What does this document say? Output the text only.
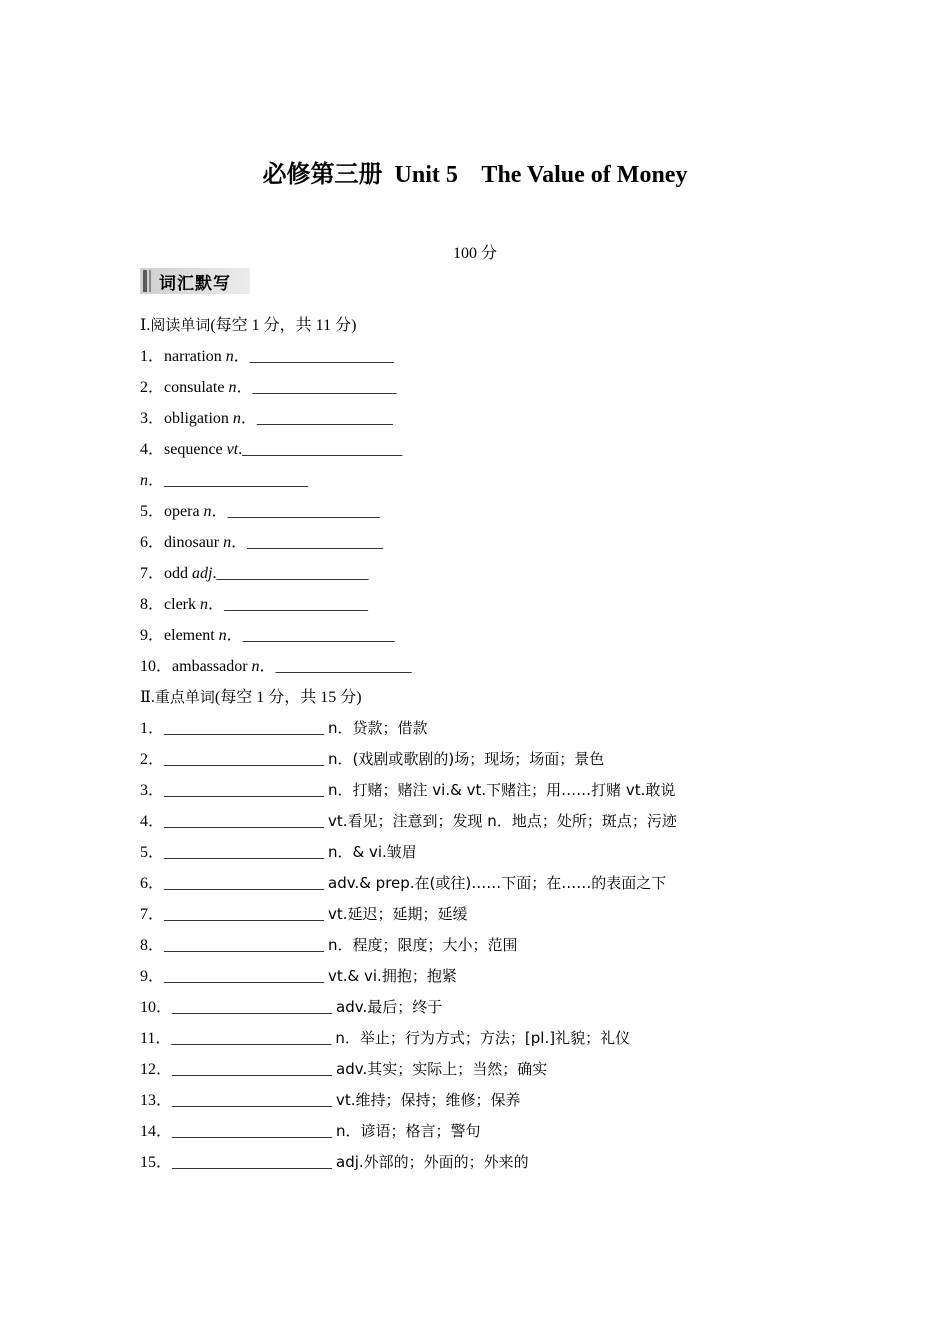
必修第三册  Unit 5    The Value of Money
100 分
词汇默写
Ⅰ.阅读单词(每空 1 分，共 11 分)
1．narration n．__________________
2．consulate n．__________________
3．obligation n．_________________
4．sequence vt.____________________
n．__________________
5．opera n．___________________
6．dinosaur n．_________________
7．odd adj.___________________
8．clerk n．__________________
9．element n．___________________
10．ambassador n．_________________
Ⅱ.重点单词(每空 1 分，共 15 分)
1．____________________ n．贷款；借款
2．____________________ n．(戏剧或歌剧的)场；现场；场面；景色
3．____________________ n．打赌；赌注 vi.& vt.下赌注；用……打赌 vt.敢说
4．____________________ vt.看见；注意到；发现 n．地点；处所；斑点；污迹
5．____________________ n．& vi.皱眉
6．____________________ adv.& prep.在(或往)……下面；在……的表面之下
7．____________________ vt.延迟；延期；延缓
8．____________________ n．程度；限度；大小；范围
9．____________________ vt.& vi.拥抱；抱紧
10．____________________ adv.最后；终于
11．____________________ n．举止；行为方式；方法；[pl.]礼貌；礼仪
12．____________________ adv.其实；实际上；当然；确实
13．____________________ vt.维持；保持；维修；保养
14．____________________ n．谚语；格言；警句
15．____________________ adj.外部的；外面的；外来的
